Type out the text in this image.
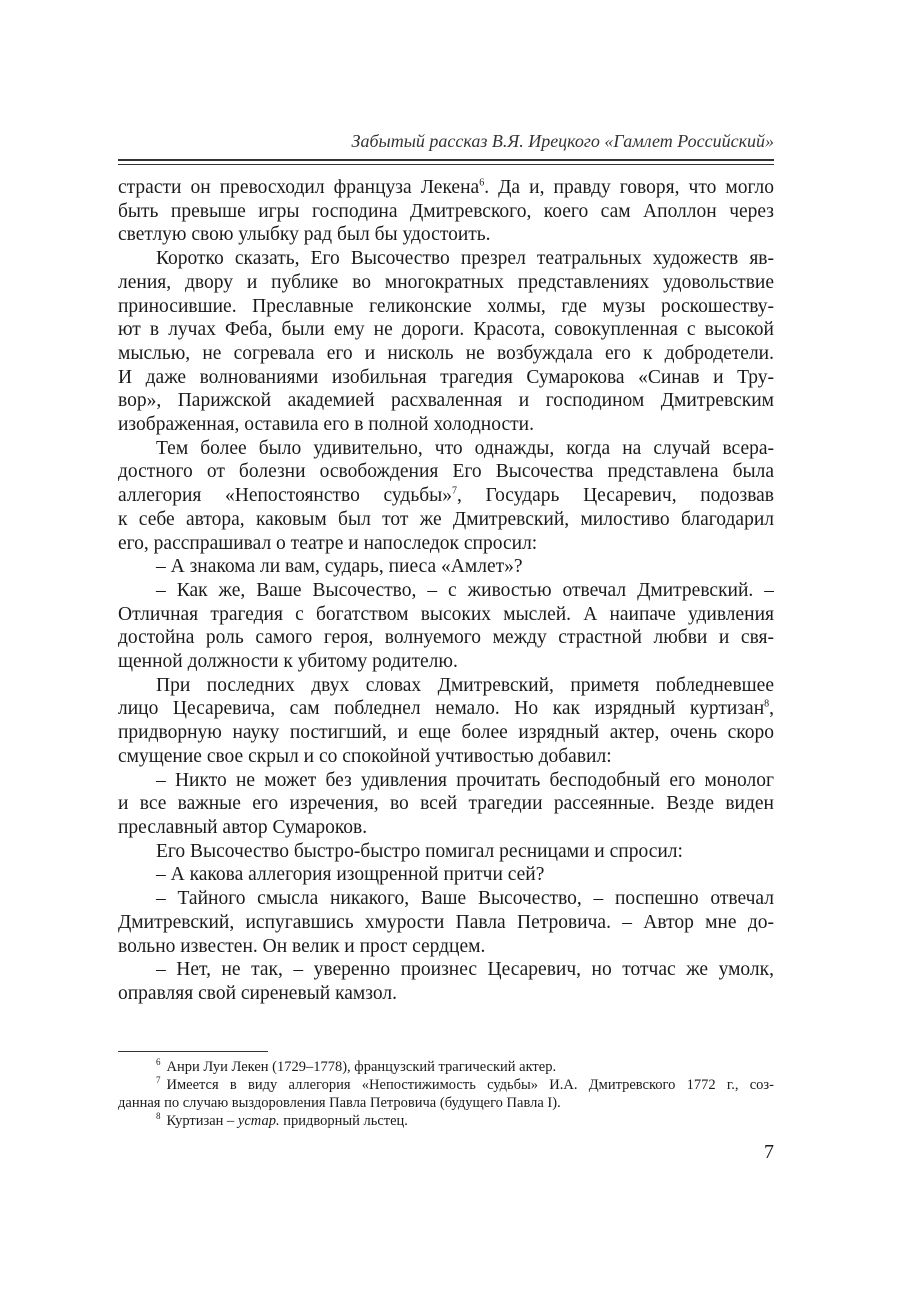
Забытый рассказ В.Я. Ирецкого «Гамлет Российский»
страсти он превосходил француза Лекена$^6$. Да и, правду говоря, что могло
быть превыше игры господина Дмитревского, коего сам Аполлон через
светлую свою улыбку рад был бы удостоить.
Коротко сказать, Его Высочество презрел театральных художеств яв-
ления, двору и публике во многократных представлениях удовольствие
приносившие. Преславные геликонские холмы, где музы роскошеству-
ют в лучах Феба, были ему не дороги. Красота, совокупленная с высокой
мыслью, не согревала его и нисколь не возбуждала его к добродетели.
И даже волнованиями изобильная трагедия Сумарокова «Синав и Тру-
вор», Парижской академией расхваленная и господином Дмитревским
изображенная, оставила его в полной холодности.
Тем более было удивительно, что однажды, когда на случай всера-
достного от болезни освобождения Его Высочества представлена была
аллегория «Непостоянство судьбы»$^7$, Государь Цесаревич, подозвав
к себе автора, каковым был тот же Дмитревский, милостиво благодарил
его, расспрашивал о театре и напоследок спросил:
– А знакома ли вам, сударь, пиеса «Амлет»?
– Как же, Ваше Высочество, – с живостью отвечал Дмитревский. –
Отличная трагедия с богатством высоких мыслей. А наипаче удивления
достойна роль самого героя, волнуемого между страстной любви и свя-
щенной должности к убитому родителю.
При последних двух словах Дмитревский, приметя побледневшее
лицо Цесаревича, сам побледнел немало. Но как изрядный куртизан$^8$,
придворную науку постигший, и еще более изрядный актер, очень скоро
смущение свое скрыл и со спокойной учтивостью добавил:
– Никто не может без удивления прочитать бесподобный его монолог
и все важные его изречения, во всей трагедии рассеянные. Везде виден
преславный автор Сумароков.
Его Высочество быстро-быстро помигал ресницами и спросил:
– А какова аллегория изощренной притчи сей?
– Тайного смысла никакого, Ваше Высочество, – поспешно отвечал
Дмитревский, испугавшись хмурости Павла Петровича. – Автор мне до-
вольно известен. Он велик и прост сердцем.
– Нет, не так, – уверенно произнес Цесаревич, но тотчас же умолк,
оправляя свой сиреневый камзол.
$^6$ Анри Луи Лекен (1729–1778), французский трагический актер.
$^7$ Имеется в виду аллегория «Непостижимость судьбы» И.А. Дмитревского 1772 г., соз-
данная по случаю выздоровления Павла Петровича (будущего Павла I).
$^8$ Куртизан – устар. придворный льстец.
7
